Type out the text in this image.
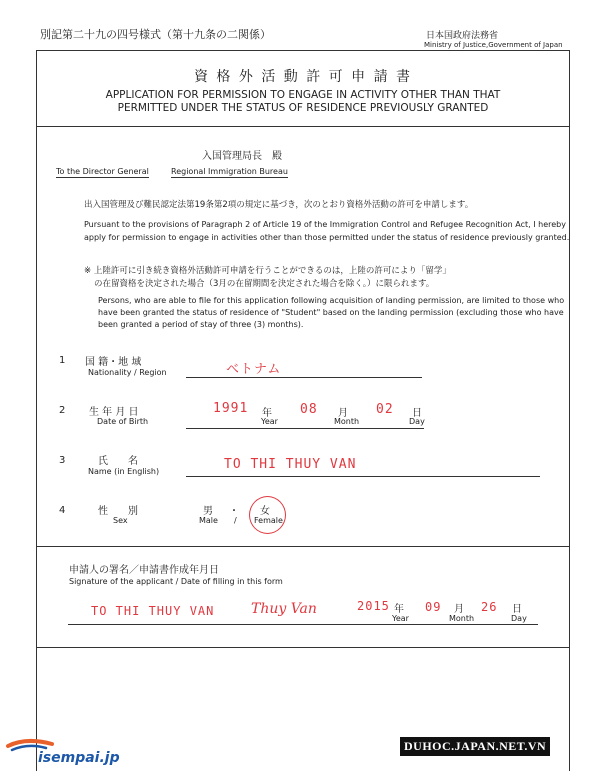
別記第二十九の四号様式（第十九条の二関係）	日本国政府法務省
Ministry of Justice,Government of Japan
資 格 外 活 動 許 可 申 請 書
APPLICATION FOR PERMISSION TO ENGAGE IN ACTIVITY OTHER THAN THAT
PERMITTED UNDER THE STATUS OF RESIDENCE PREVIOUSLY GRANTED
入国管理局長　殿
To the Director General	Regional Immigration Bureau
出入国管理及び難民認定法第19条第2項の規定に基づき，次のとおり資格外活動の許可を申請します。
Pursuant to the provisions of Paragraph 2 of Article 19 of the Immigration Control and Refugee Recognition Act, I hereby
apply for permission to engage in activities other than those permitted under the status of residence previously granted.
※ 上陸許可に引き続き資格外活動許可申請を行うことができるのは，上陸の許可により「留学」
の在留資格を決定された場合（3月の在留期間を決定された場合を除く。）に限られます。
Persons, who are able to file for this application following acquisition of landing permission, are limited to those who
have been granted the status of residence of "Student" based on the landing permission (excluding those who have
been granted a period of stay of three (3) months).
1 国 籍・地 域
Nationality / Region	ベトナム
2 生 年 月 日
Date of Birth
1991 年
Year
08 月
Month
02 日
Day
3	氏　　名
Name (in English)	TO THI THUY VAN
4	性　　別
Sex
男 ・ 女
Male / Female
申請人の署名／申請書作成年月日
Signature of the applicant / Date of filling in this form
TO THI THUY VAN	Thuy Van	2015 年
Year
09 月
Month
26 日
Day
isempai.jp
DUHOC.JAPAN.NET.VN
